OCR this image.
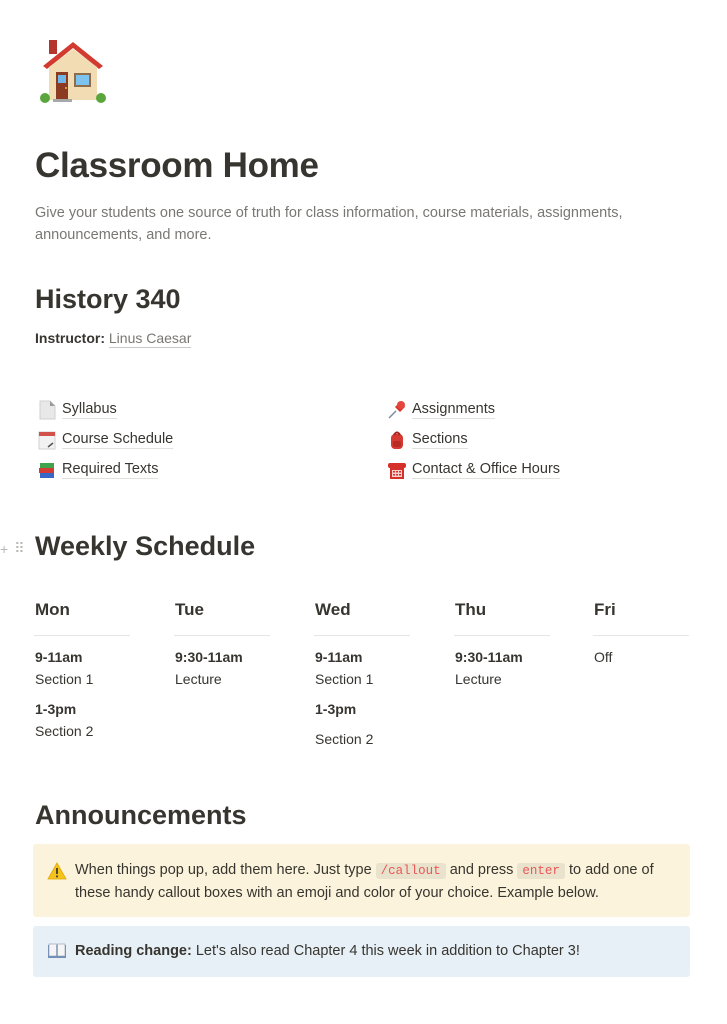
Classroom Home
Give your students one source of truth for class information, course materials, assignments, announcements, and more.
History 340
Instructor: Linus Caesar
Syllabus
Course Schedule
Required Texts
Assignments
Sections
Contact & Office Hours
+ ⠿ Weekly Schedule
Mon
9-11am
Section 1
1-3pm
Section 2
Tue
9:30-11am
Lecture
Wed
9-11am
Section 1
1-3pm
Section 2
Thu
9:30-11am
Lecture
Fri
Off
Announcements
When things pop up, add them here. Just type /callout and press enter to add one of these handy callout boxes with an emoji and color of your choice. Example below.
Reading change: Let's also read Chapter 4 this week in addition to Chapter 3!
